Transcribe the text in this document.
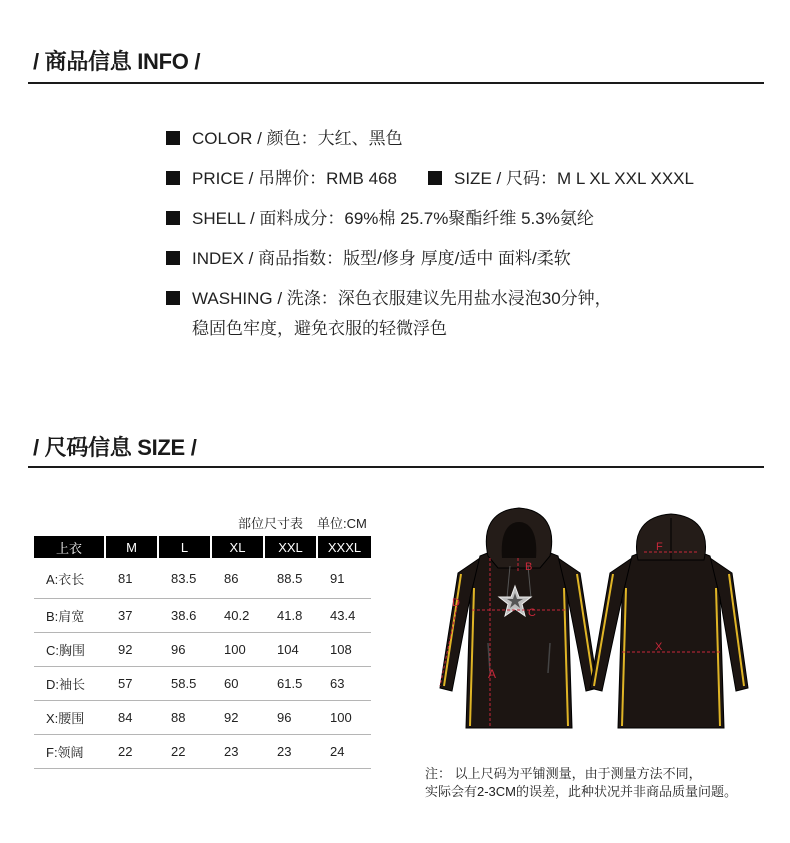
/ 商品信息 INFO /
COLOR / 颜色：大红、黑色
PRICE / 吊牌价：RMB 468	SIZE / 尺码：M L XL XXL XXXL
SHELL / 面料成分：69%棉 25.7%聚酯纤维 5.3%氨纶
INDEX / 商品指数：版型/修身 厚度/适中 面料/柔软
WASHING / 洗涤：深色衣服建议先用盐水浸泡30分钟，
稳固色牢度，避免衣服的轻微浮色
/ 尺码信息 SIZE /
部位尺寸表 单位:CM
上衣	M	L	XL	XXL	XXXL
A:衣长	81	83.5	86	88.5	91
B:肩宽	37	38.6	40.2	41.8	43.4
C:胸围	92	96	100	104	108
D:袖长	57	58.5	60	61.5	63
X:腰围	84	88	92	96	100
F:领阔	22	22	23	23	24
A
B
C
D
F
X
注： 以上尺码为平铺测量，由于测量方法不同，
实际会有2-3CM的误差，此种状况并非商品质量问题。
